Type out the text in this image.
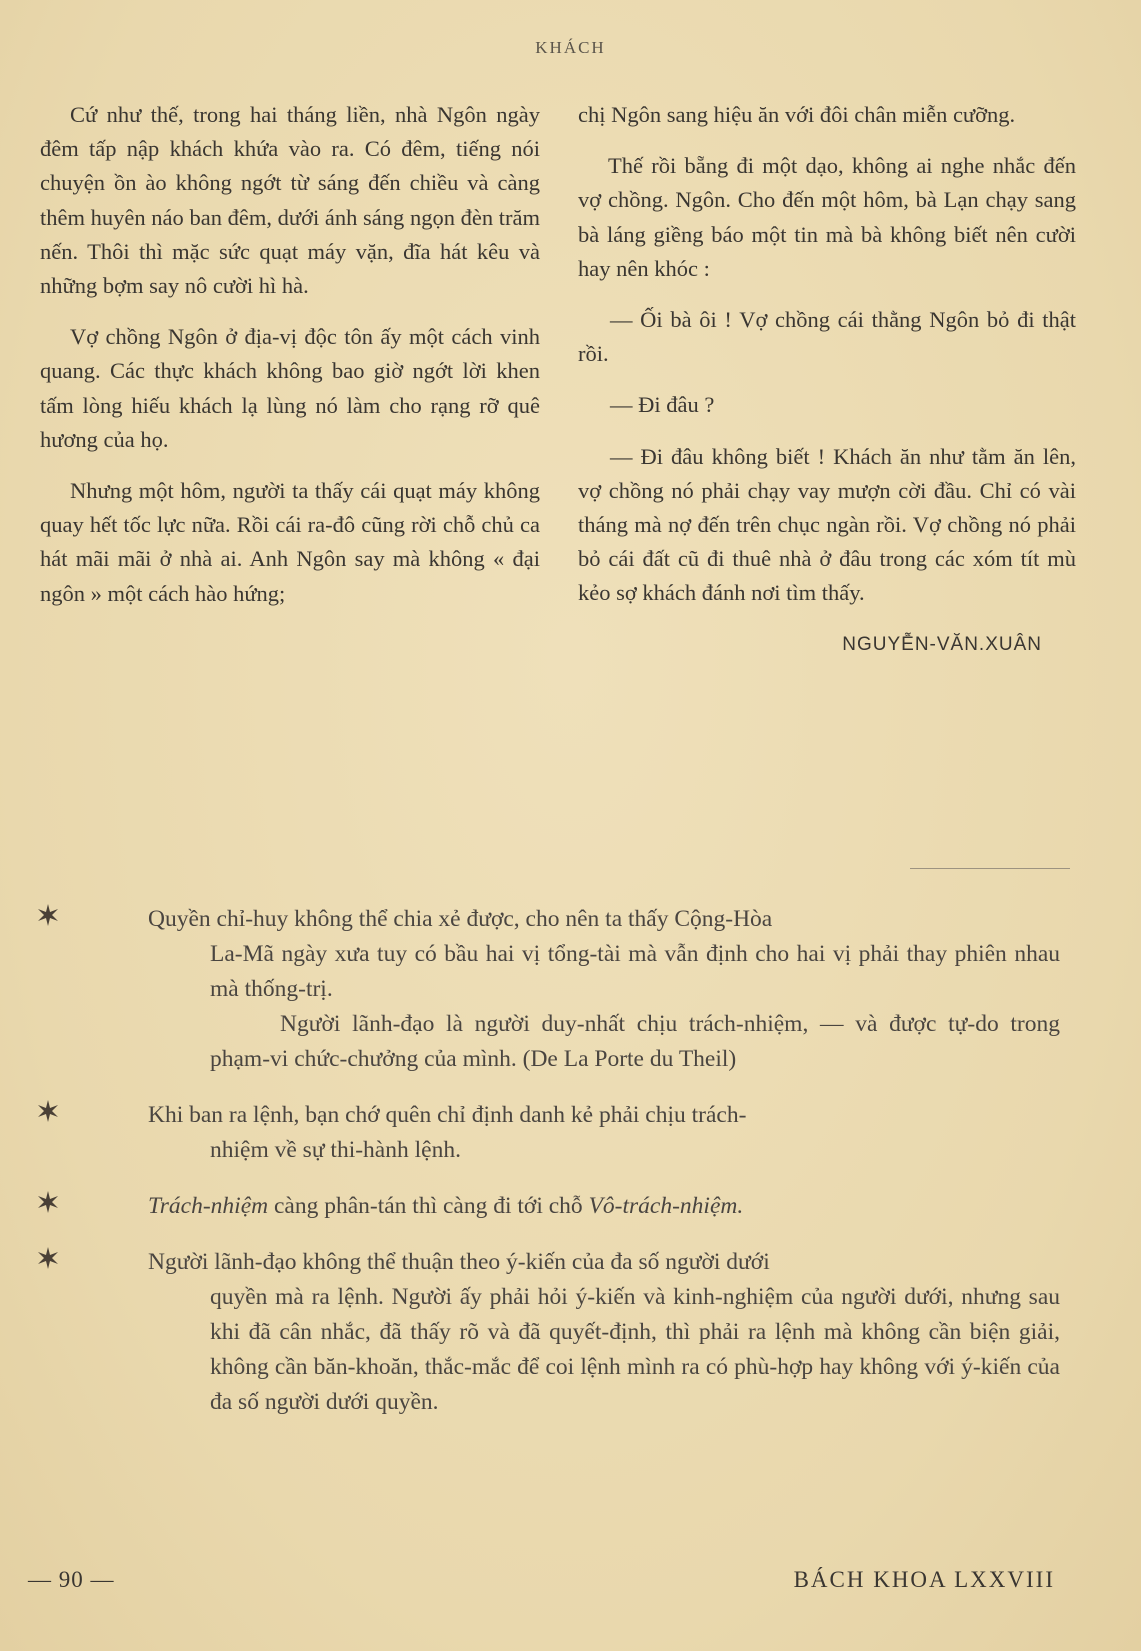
KHÁCH

Cứ như thế, trong hai tháng liền, nhà Ngôn ngày đêm tấp nập khách khứa vào ra. Có đêm, tiếng nói chuyện ồn ào không ngớt từ sáng đến chiều và càng thêm huyên náo ban đêm, dưới ánh sáng ngọn đèn trăm nến. Thôi thì mặc sức quạt máy vặn, đĩa hát kêu và những bợm say nô cười hì hà.

Vợ chồng Ngôn ở địa-vị độc tôn ấy một cách vinh quang. Các thực khách không bao giờ ngớt lời khen tấm lòng hiếu khách lạ lùng nó làm cho rạng rỡ quê hương của họ.

Nhưng một hôm, người ta thấy cái quạt máy không quay hết tốc lực nữa. Rồi cái ra-đô cũng rời chỗ chủ ca hát mãi mãi ở nhà ai. Anh Ngôn say mà không « đại ngôn » một cách hào hứng;

chị Ngôn sang hiệu ăn với đôi chân miễn cưỡng.

Thế rồi bẵng đi một dạo, không ai nghe nhắc đến vợ chồng. Ngôn. Cho đến một hôm, bà Lạn chạy sang bà láng giềng báo một tin mà bà không biết nên cười hay nên khóc :

— Ối bà ôi ! Vợ chồng cái thằng Ngôn bỏ đi thật rồi.

— Đi đâu ?

— Đi đâu không biết ! Khách ăn như tằm ăn lên, vợ chồng nó phải chạy vay mượn cời đầu. Chỉ có vài tháng mà nợ đến trên chục ngàn rồi. Vợ chồng nó phải bỏ cái đất cũ đi thuê nhà ở đâu trong các xóm tít mù kẻo sợ khách đánh nơi tìm thấy.

NGUYỄN-VĂN.XUÂN
Quyền chỉ-huy không thể chia xẻ được, cho nên ta thấy Cộng-Hòa
La-Mã ngày xưa tuy có bầu hai vị tổng-tài mà vẫn định cho hai vị phải thay phiên nhau mà thống-trị.
Người lãnh-đạo là người duy-nhất chịu trách-nhiệm, — và được tự-do trong phạm-vi chức-chưởng của mình. (De La Porte du Theil)
Khi ban ra lệnh, bạn chớ quên chỉ định danh kẻ phải chịu trách-
nhiệm về sự thi-hành lệnh.
Trách-nhiệm càng phân-tán thì càng đi tới chỗ Vô-trách-nhiệm.
Người lãnh-đạo không thể thuận theo ý-kiến của đa số người dưới
quyền mà ra lệnh. Người ấy phải hỏi ý-kiến và kinh-nghiệm của người dưới, nhưng sau khi đã cân nhắc, đã thấy rõ và đã quyết-định, thì phải ra lệnh mà không cần biện giải, không cần băn-khoăn, thắc-mắc để coi lệnh mình ra có phù-hợp hay không với ý-kiến của đa số người dưới quyền.
— 90 —	BÁCH KHOA LXXVIII
